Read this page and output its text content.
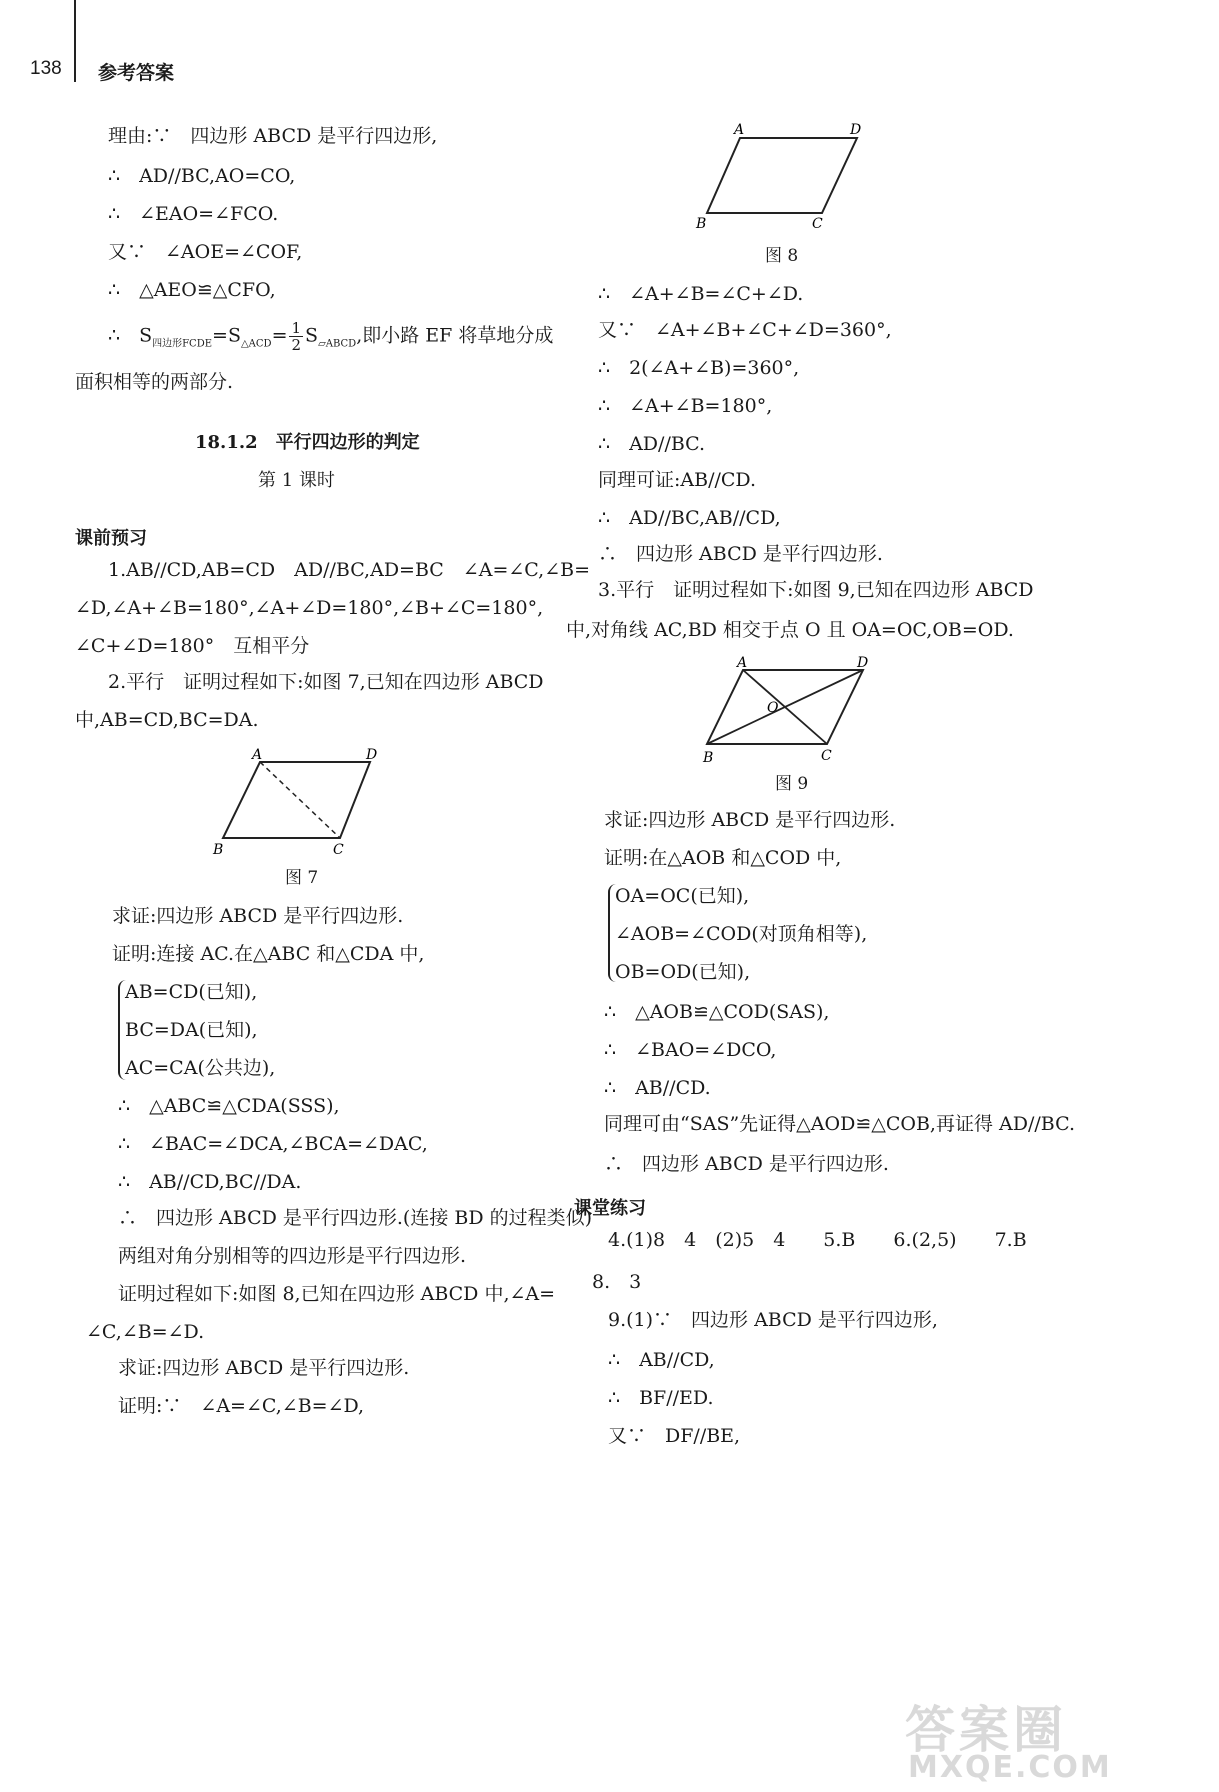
138 参考答案
理由:∵　四边形 ABCD 是平行四边形,
∴　AD//BC,AO=CO,
∴　∠EAO=∠FCO.
又∵　∠AOE=∠COF,
∴　△AEO≌△CFO,
∴　$S_{四边形FCDE}=S_{\triangle ACD}= \frac{1}{2} S_{▱ABCD}$,即小路 EF 将草地分成
面积相等的两部分.
18.1.2　平行四边形的判定
第 1 课时
课前预习
1.AB//CD,AB=CD　AD//BC,AD=BC　∠A=∠C,∠B=
∠D,∠A+∠B=180°,∠A+∠D=180°,∠B+∠C=180°,
∠C+∠D=180°　互相平分
2.平行　证明过程如下:如图 7,已知在四边形 ABCD
中,AB=CD,BC=DA.
A	D
B	C
图 7
求证:四边形 ABCD 是平行四边形.
证明:连接 AC.在△ABC 和△CDA 中,
AB=CD(已知),
BC=DA(已知),
AC=CA(公共边),
∴　△ABC≌△CDA(SSS),
∴　∠BAC=∠DCA,∠BCA=∠DAC,
∴　AB//CD,BC//DA.
∴　四边形 ABCD 是平行四边形.(连接 BD 的过程类似)
两组对角分别相等的四边形是平行四边形.
证明过程如下:如图 8,已知在四边形 ABCD 中,∠A=
∠C,∠B=∠D.
求证:四边形 ABCD 是平行四边形.
证明:∵　∠A=∠C,∠B=∠D,
A	D
B	C
图 8
∴　∠A+∠B=∠C+∠D.
又∵　∠A+∠B+∠C+∠D=360°,
∴　2(∠A+∠B)=360°,
∴　∠A+∠B=180°,
∴　AD//BC.
同理可证:AB//CD.
∴　AD//BC,AB//CD,
∴　四边形 ABCD 是平行四边形.
3.平行　证明过程如下:如图 9,已知在四边形 ABCD
中,对角线 AC,BD 相交于点 O 且 OA=OC,OB=OD.
A	D
B	C
O
图 9
求证:四边形 ABCD 是平行四边形.
证明:在△AOB 和△COD 中,
OA=OC(已知),
∠AOB=∠COD(对顶角相等),
OB=OD(已知),
∴　△AOB≌△COD(SAS),
∴　∠BAO=∠DCO,
∴　AB//CD.
同理可由“SAS”先证得△AOD≌△COB,再证得 AD//BC.
∴　四边形 ABCD 是平行四边形.
课堂练习
4.(1)8　4　(2)5　4　　5.B　　6.(2,5)　　7.B
8.　3
9.(1)∵　四边形 ABCD 是平行四边形,
∴　AB//CD,
∴　BF//ED.
又∵　DF//BE,
答案圈
MXQE.COM
